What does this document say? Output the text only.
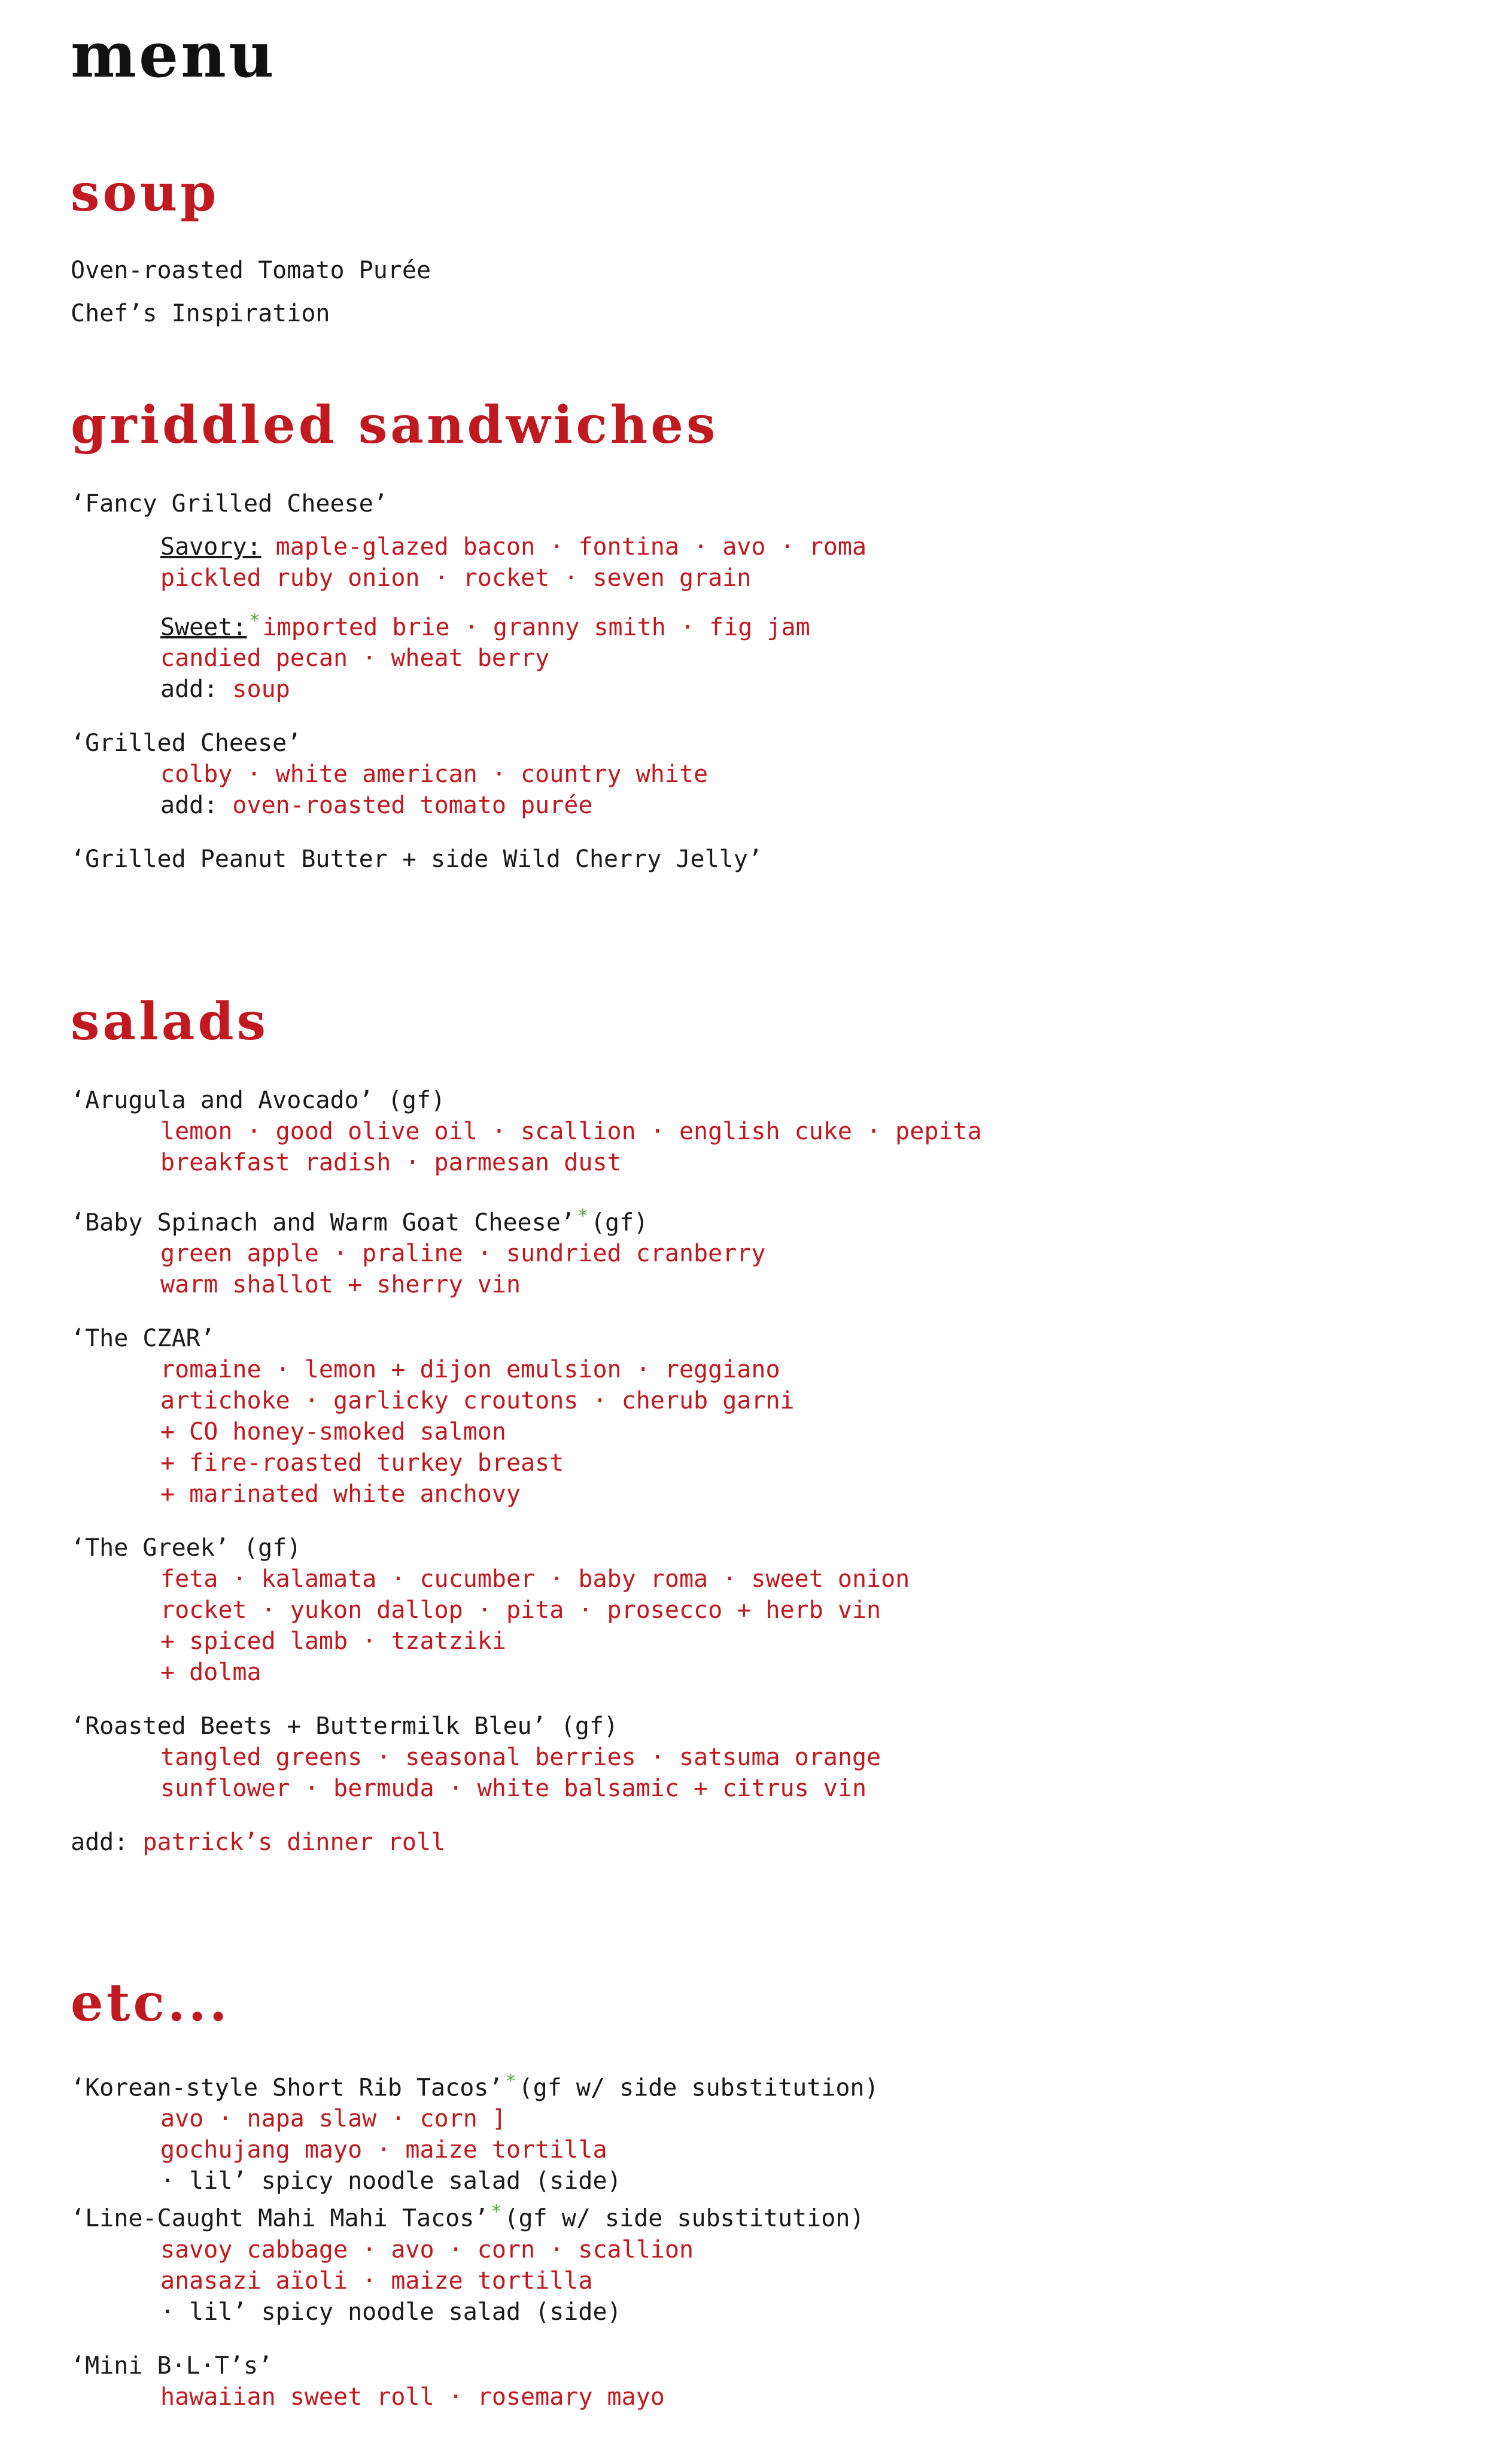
menu
soup
Oven-roasted Tomato Purée
Chef’s Inspiration
griddled sandwiches
‘Fancy Grilled Cheese’
Savory: maple-glazed bacon · fontina · avo · roma
pickled ruby onion · rocket · seven grain
Sweet: * imported brie · granny smith · fig jam
candied pecan · wheat berry
add: soup
‘Grilled Cheese’
colby · white american · country white
add: oven-roasted tomato purée
‘Grilled Peanut Butter + side Wild Cherry Jelly’
salads
‘Arugula and Avocado’ (gf)
lemon · good olive oil · scallion · english cuke · pepita
breakfast radish · parmesan dust
‘Baby Spinach and Warm Goat Cheese’ * (gf)
green apple · praline · sundried cranberry
warm shallot + sherry vin
‘The CZAR’
romaine · lemon + dijon emulsion · reggiano
artichoke · garlicky croutons · cherub garni
+ CO honey-smoked salmon
+ fire-roasted turkey breast
+ marinated white anchovy
‘The Greek’ (gf)
feta · kalamata · cucumber · baby roma · sweet onion
rocket · yukon dallop · pita · prosecco + herb vin
+ spiced lamb · tzatziki
+ dolma
‘Roasted Beets + Buttermilk Bleu’ (gf)
tangled greens · seasonal berries · satsuma orange
sunflower · bermuda · white balsamic + citrus vin
add: patrick’s dinner roll
etc...
‘Korean-style Short Rib Tacos’ * (gf w/ side substitution)
avo · napa slaw · corn ]
gochujang mayo · maize tortilla
· lil’ spicy noodle salad (side)
‘Line-Caught Mahi Mahi Tacos’ * (gf w/ side substitution)
savoy cabbage · avo · corn · scallion
anasazi aïoli · maize tortilla
· lil’ spicy noodle salad (side)
‘Mini B·L·T’s’
hawaiian sweet roll · rosemary mayo
